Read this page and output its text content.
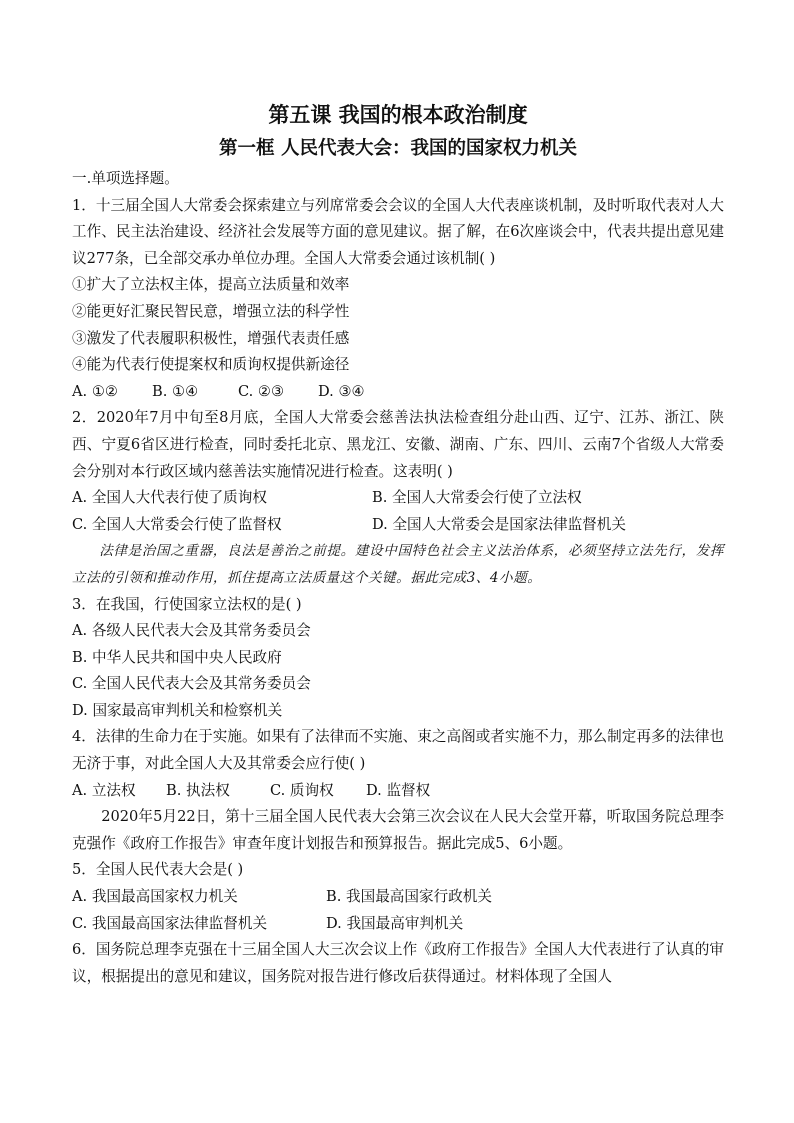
第五课 我国的根本政治制度
第一框 人民代表大会：我国的国家权力机关
一.单项选择题。
1．十三届全国人大常委会探索建立与列席常委会会议的全国人大代表座谈机制，及时听取代表对人大工作、民主法治建设、经济社会发展等方面的意见建议。据了解，在6次座谈会中，代表共提出意见建议277条，已全部交承办单位办理。全国人大常委会通过该机制( )
①扩大了立法权主体，提高立法质量和效率
②能更好汇聚民智民意，增强立法的科学性
③激发了代表履职积极性，增强代表责任感
④能为代表行使提案权和质询权提供新途径
A. ①②	B. ①④	C. ②③	D. ③④
2．2020年7月中旬至8月底，全国人大常委会慈善法执法检查组分赴山西、辽宁、江苏、浙江、陕西、宁夏6省区进行检查，同时委托北京、黑龙江、安徽、湖南、广东、四川、云南7个省级人大常委会分别对本行政区域内慈善法实施情况进行检查。这表明( )
A. 全国人大代表行使了质询权	B. 全国人大常委会行使了立法权
C. 全国人大常委会行使了监督权	D. 全国人大常委会是国家法律监督机关
法律是治国之重器，良法是善治之前提。建设中国特色社会主义法治体系，必须坚持立法先行，发挥立法的引领和推动作用，抓住提高立法质量这个关键。据此完成3、4小题。
3．在我国，行使国家立法权的是( )
A. 各级人民代表大会及其常务委员会
B. 中华人民共和国中央人民政府
C. 全国人民代表大会及其常务委员会
D. 国家最高审判机关和检察机关
4．法律的生命力在于实施。如果有了法律而不实施、束之高阁或者实施不力，那么制定再多的法律也无济于事，对此全国人大及其常委会应行使( )
A. 立法权	B. 执法权	C. 质询权	D. 监督权
2020年5月22日，第十三届全国人民代表大会第三次会议在人民大会堂开幕，听取国务院总理李克强作《政府工作报告》审查年度计划报告和预算报告。据此完成5、6小题。
5．全国人民代表大会是( )
A. 我国最高国家权力机关	B. 我国最高国家行政机关
C. 我国最高国家法律监督机关	D. 我国最高审判机关
6．国务院总理李克强在十三届全国人大三次会议上作《政府工作报告》全国人大代表进行了认真的审议，根据提出的意见和建议，国务院对报告进行修改后获得通过。材料体现了全国人
